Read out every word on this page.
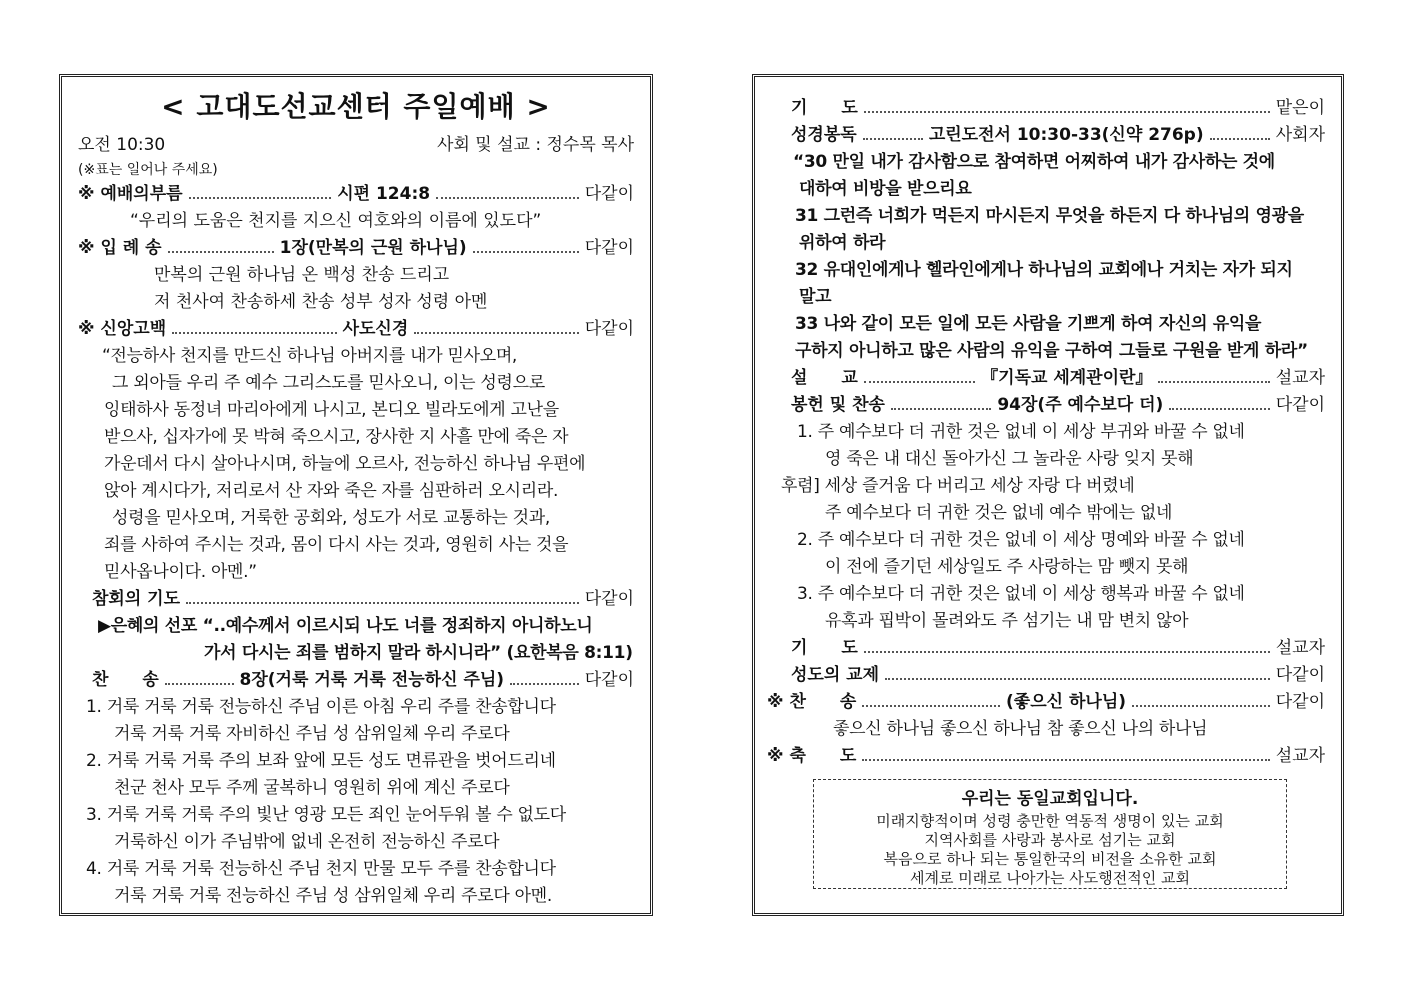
< 고대도선교센터 주일예배 >
오전 10:30	사회 및 설교 : 정수목 목사
(※표는 일어나 주세요)
※ 예배의부름	시편 124:8	다같이
“우리의 도움은 천지를 지으신 여호와의 이름에 있도다”
※ 입 례 송	1장(만복의 근원 하나님)	다같이
만복의 근원 하나님 온 백성 찬송 드리고
저 천사여 찬송하세 찬송 성부 성자 성령 아멘
※ 신앙고백	사도신경	다같이
“전능하사 천지를 만드신 하나님 아버지를 내가 믿사오며,
그 외아들 우리 주 예수 그리스도를 믿사오니, 이는 성령으로
잉태하사 동정녀 마리아에게 나시고, 본디오 빌라도에게 고난을
받으사, 십자가에 못 박혀 죽으시고, 장사한 지 사흘 만에 죽은 자
가운데서 다시 살아나시며, 하늘에 오르사, 전능하신 하나님 우편에
앉아 계시다가, 저리로서 산 자와 죽은 자를 심판하러 오시리라.
성령을 믿사오며, 거룩한 공회와, 성도가 서로 교통하는 것과,
죄를 사하여 주시는 것과, 몸이 다시 사는 것과, 영원히 사는 것을
믿사옵나이다. 아멘.”
참회의 기도	다같이
▶은혜의 선포 “..예수께서 이르시되 나도 너를 정죄하지 아니하노니
가서 다시는 죄를 범하지 말라 하시니라” (요한복음 8:11)
찬　　송	8장(거룩 거룩 거룩 전능하신 주님)	다같이
1. 거룩 거룩 거룩 전능하신 주님 이른 아침 우리 주를 찬송합니다
거룩 거룩 거룩 자비하신 주님 성 삼위일체 우리 주로다
2. 거룩 거룩 거룩 주의 보좌 앞에 모든 성도 면류관을 벗어드리네
천군 천사 모두 주께 굴복하니 영원히 위에 계신 주로다
3. 거룩 거룩 거룩 주의 빛난 영광 모든 죄인 눈어두워 볼 수 없도다
거룩하신 이가 주님밖에 없네 온전히 전능하신 주로다
4. 거룩 거룩 거룩 전능하신 주님 천지 만물 모두 주를 찬송합니다
거룩 거룩 거룩 전능하신 주님 성 삼위일체 우리 주로다 아멘.
기　　도	맡은이
성경봉독	고린도전서 10:30-33(신약 276p)	사회자
“30 만일 내가 감사함으로 참여하면 어찌하여 내가 감사하는 것에
대하여 비방을 받으리요
31 그런즉 너희가 먹든지 마시든지 무엇을 하든지 다 하나님의 영광을
위하여 하라
32 유대인에게나 헬라인에게나 하나님의 교회에나 거치는 자가 되지
말고
33 나와 같이 모든 일에 모든 사람을 기쁘게 하여 자신의 유익을
구하지 아니하고 많은 사람의 유익을 구하여 그들로 구원을 받게 하라”
설　　교	『기독교 세계관이란』	설교자
봉헌 및 찬송	94장(주 예수보다 더)	다같이
1. 주 예수보다 더 귀한 것은 없네 이 세상 부귀와 바꿀 수 없네
영 죽은 내 대신 돌아가신 그 놀라운 사랑 잊지 못해
후렴] 세상 즐거움 다 버리고 세상 자랑 다 버렸네
주 예수보다 더 귀한 것은 없네 예수 밖에는 없네
2. 주 예수보다 더 귀한 것은 없네 이 세상 명예와 바꿀 수 없네
이 전에 즐기던 세상일도 주 사랑하는 맘 뺏지 못해
3. 주 예수보다 더 귀한 것은 없네 이 세상 행복과 바꿀 수 없네
유혹과 핍박이 몰려와도 주 섬기는 내 맘 변치 않아
기　　도	설교자
성도의 교제	다같이
※ 찬　　송	(좋으신 하나님)	다같이
좋으신 하나님 좋으신 하나님 참 좋으신 나의 하나님
※ 축　　도	설교자
우리는 동일교회입니다.
미래지향적이며 성령 충만한 역동적 생명이 있는 교회
지역사회를 사랑과 봉사로 섬기는 교회
복음으로 하나 되는 통일한국의 비전을 소유한 교회
세계로 미래로 나아가는 사도행전적인 교회
